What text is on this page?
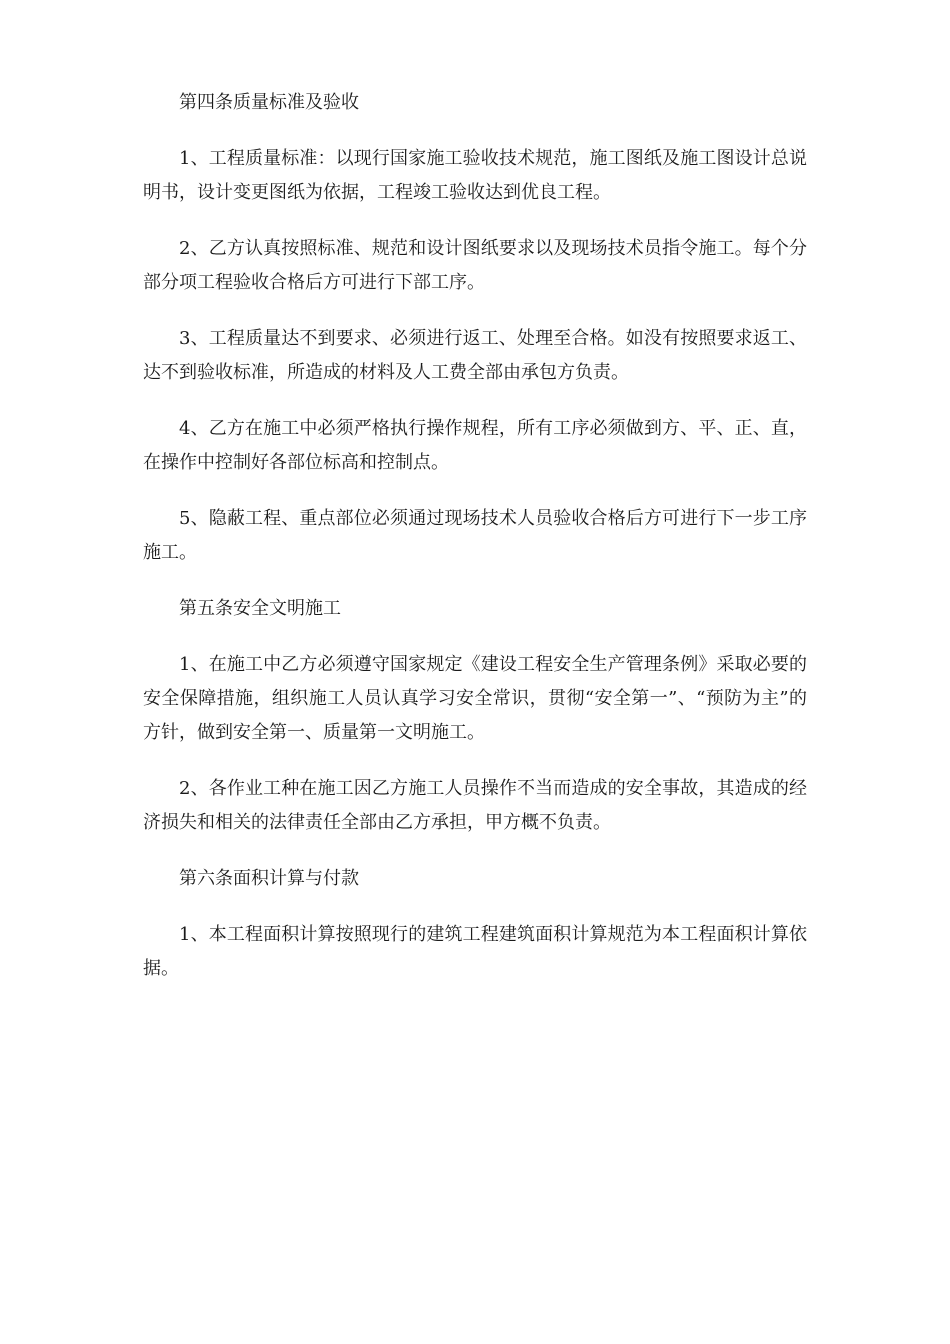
第四条质量标准及验收

1、工程质量标准：以现行国家施工验收技术规范，施工图纸及施工图设计总说明书，设计变更图纸为依据，工程竣工验收达到优良工程。

2、乙方认真按照标准、规范和设计图纸要求以及现场技术员指令施工。每个分部分项工程验收合格后方可进行下部工序。

3、工程质量达不到要求、必须进行返工、处理至合格。如没有按照要求返工、达不到验收标准，所造成的材料及人工费全部由承包方负责。

4、乙方在施工中必须严格执行操作规程，所有工序必须做到方、平、正、直，在操作中控制好各部位标高和控制点。

5、隐蔽工程、重点部位必须通过现场技术人员验收合格后方可进行下一步工序施工。

第五条安全文明施工

1、在施工中乙方必须遵守国家规定《建设工程安全生产管理条例》采取必要的安全保障措施，组织施工人员认真学习安全常识，贯彻“安全第一”、“预防为主”的方针，做到安全第一、质量第一文明施工。

2、各作业工种在施工因乙方施工人员操作不当而造成的安全事故，其造成的经济损失和相关的法律责任全部由乙方承担，甲方概不负责。

第六条面积计算与付款

1、本工程面积计算按照现行的建筑工程建筑面积计算规范为本工程面积计算依据。
